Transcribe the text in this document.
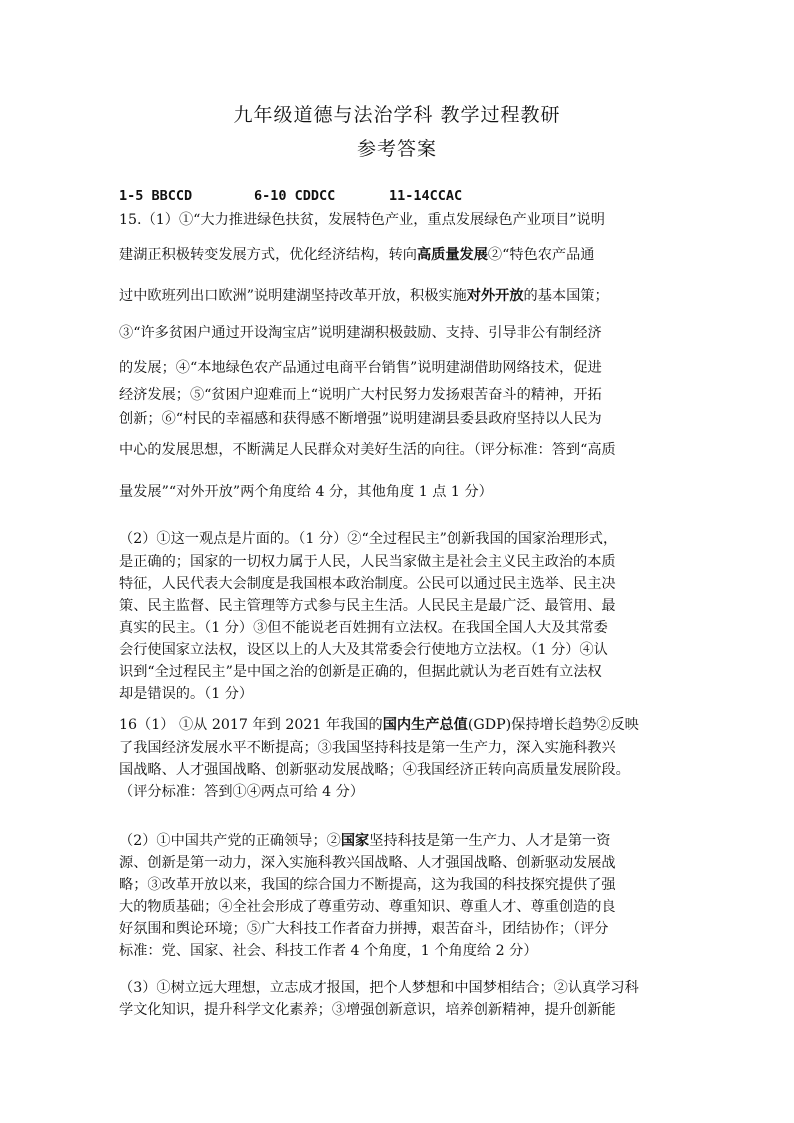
九年级道德与法治学科 教学过程教研
参考答案
1-5 BBCCD	6-10 CDDCC	11-14CCAC
15.（1）①“大力推进绿色扶贫，发展特色产业，重点发展绿色产业项目”说明
建湖正积极转变发展方式，优化经济结构，转向高质量发展②“特色农产品通
过中欧班列出口欧洲”说明建湖坚持改革开放，积极实施对外开放的基本国策；
③“许多贫困户通过开设淘宝店”说明建湖积极鼓励、支持、引导非公有制经济
的发展；④“本地绿色农产品通过电商平台销售”说明建湖借助网络技术，促进
经济发展；⑤“贫困户迎难而上“说明广大村民努力发扬艰苦奋斗的精神，开拓
创新；⑥“村民的幸福感和获得感不断增强”说明建湖县委县政府坚持以人民为
中心的发展思想，不断满足人民群众对美好生活的向往。（评分标准：答到“高质
量发展”“对外开放”两个角度给 4 分，其他角度 1 点 1 分）
（2）①这一观点是片面的。（1 分）②“全过程民主”创新我国的国家治理形式，
是正确的；国家的一切权力属于人民，人民当家做主是社会主义民主政治的本质
特征，人民代表大会制度是我国根本政治制度。公民可以通过民主选举、民主决
策、民主监督、民主管理等方式参与民主生活。人民民主是最广泛、最管用、最
真实的民主。（1 分）③但不能说老百姓拥有立法权。在我国全国人大及其常委
会行使国家立法权，设区以上的人大及其常委会行使地方立法权。（1 分）④认
识到“全过程民主”是中国之治的创新是正确的，但据此就认为老百姓有立法权
却是错误的。（1 分）
16（1） ①从 2017 年到 2021 年我国的国内生产总值(GDP)保持增长趋势②反映
了我国经济发展水平不断提高；③我国坚持科技是第一生产力，深入实施科教兴
国战略、人才强国战略、创新驱动发展战略；④我国经济正转向高质量发展阶段。
（评分标准：答到①④两点可给 4 分）
（2）①中国共产党的正确领导；②国家坚持科技是第一生产力、人才是第一资
源、创新是第一动力，深入实施科教兴国战略、人才强国战略、创新驱动发展战
略；③改革开放以来，我国的综合国力不断提高，这为我国的科技探究提供了强
大的物质基础；④全社会形成了尊重劳动、尊重知识、尊重人才、尊重创造的良
好氛围和舆论环境；⑤广大科技工作者奋力拼搏，艰苦奋斗，团结协作；（评分
标准：党、国家、社会、科技工作者 4 个角度，1 个角度给 2 分）
（3）①树立远大理想，立志成才报国，把个人梦想和中国梦相结合；②认真学习科
学文化知识，提升科学文化素养；③增强创新意识，培养创新精神，提升创新能
